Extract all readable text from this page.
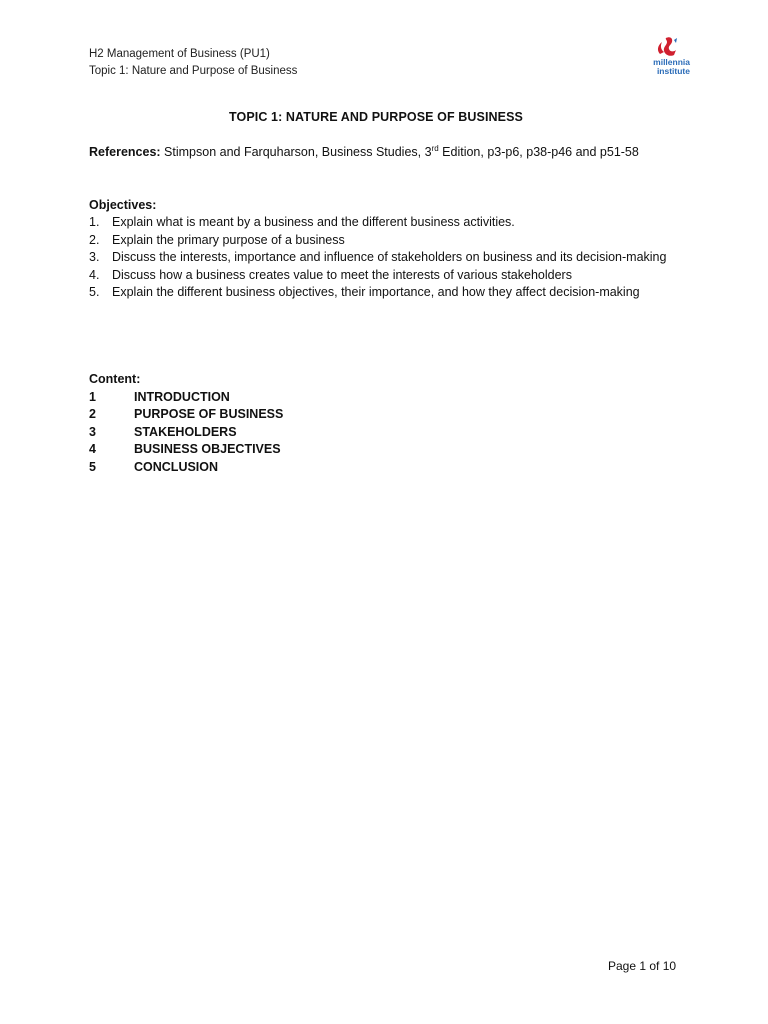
H2 Management of Business (PU1)
Topic 1: Nature and Purpose of Business
millennia
institute
TOPIC 1: NATURE AND PURPOSE OF BUSINESS
References: Stimpson and Farquharson, Business Studies, 3rd Edition, p3-p6, p38-p46 and p51-58
Objectives:
1.	Explain what is meant by a business and the different business activities.
2.	Explain the primary purpose of a business
3.	Discuss the interests, importance and influence of stakeholders on business and its decision-making
4.	Discuss how a business creates value to meet the interests of various stakeholders
5.	Explain the different business objectives, their importance, and how they affect decision-making
Content:
1	INTRODUCTION
2	PURPOSE OF BUSINESS
3	STAKEHOLDERS
4	BUSINESS OBJECTIVES
5	CONCLUSION
Page 1 of 10
